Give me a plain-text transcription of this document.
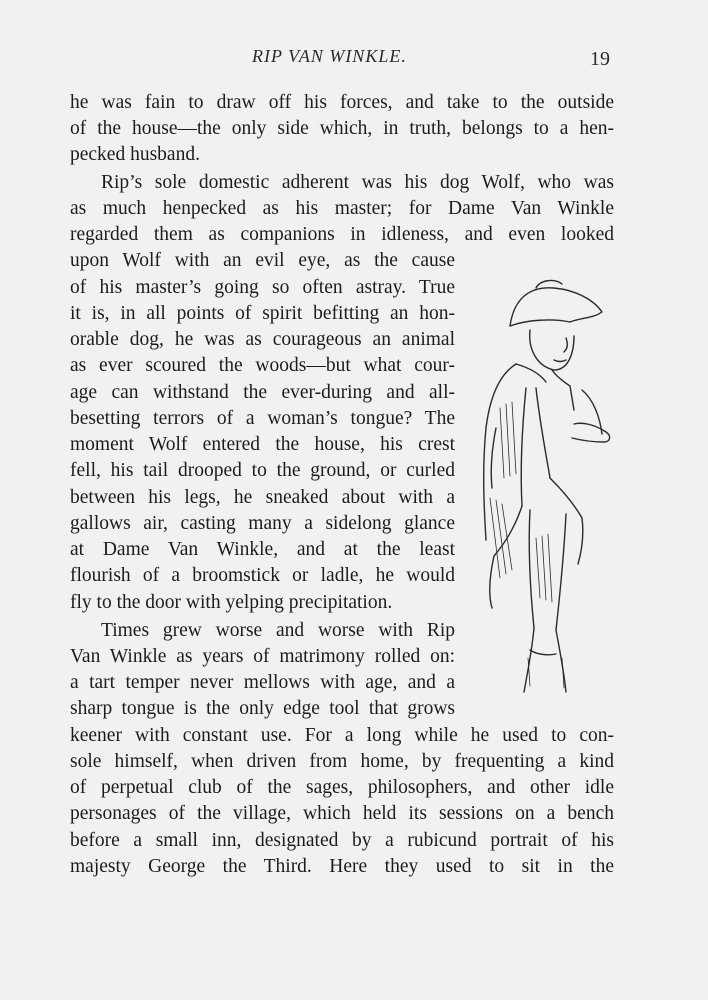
RIP VAN WINKLE.	19
he was fain to draw off his forces, and take to the outside
of the house—the only side which, in truth, belongs to a hen-
pecked husband.
Rip’s sole domestic adherent was his dog Wolf, who was
as much henpecked as his master; for Dame Van Winkle
regarded them as companions in idleness, and even looked
upon Wolf with an evil eye, as the cause
of his master’s going so often astray. True
it is, in all points of spirit befitting an hon-
orable dog, he was as courageous an animal
as ever scoured the woods—but what cour-
age can withstand the ever-during and all-
besetting terrors of a woman’s tongue? The
moment Wolf entered the house, his crest
fell, his tail drooped to the ground, or curled
between his legs, he sneaked about with a
gallows air, casting many a sidelong glance
at Dame Van Winkle, and at the least
flourish of a broomstick or ladle, he would
fly to the door with yelping precipitation.
Times grew worse and worse with Rip
Van Winkle as years of matrimony rolled on:
a tart temper never mellows with age, and a
sharp tongue is the only edge tool that grows
keener with constant use. For a long while he used to con-
sole himself, when driven from home, by frequenting a kind
of perpetual club of the sages, philosophers, and other idle
personages of the village, which held its sessions on a bench
before a small inn, designated by a rubicund portrait of his
majesty George the Third. Here they used to sit in the
